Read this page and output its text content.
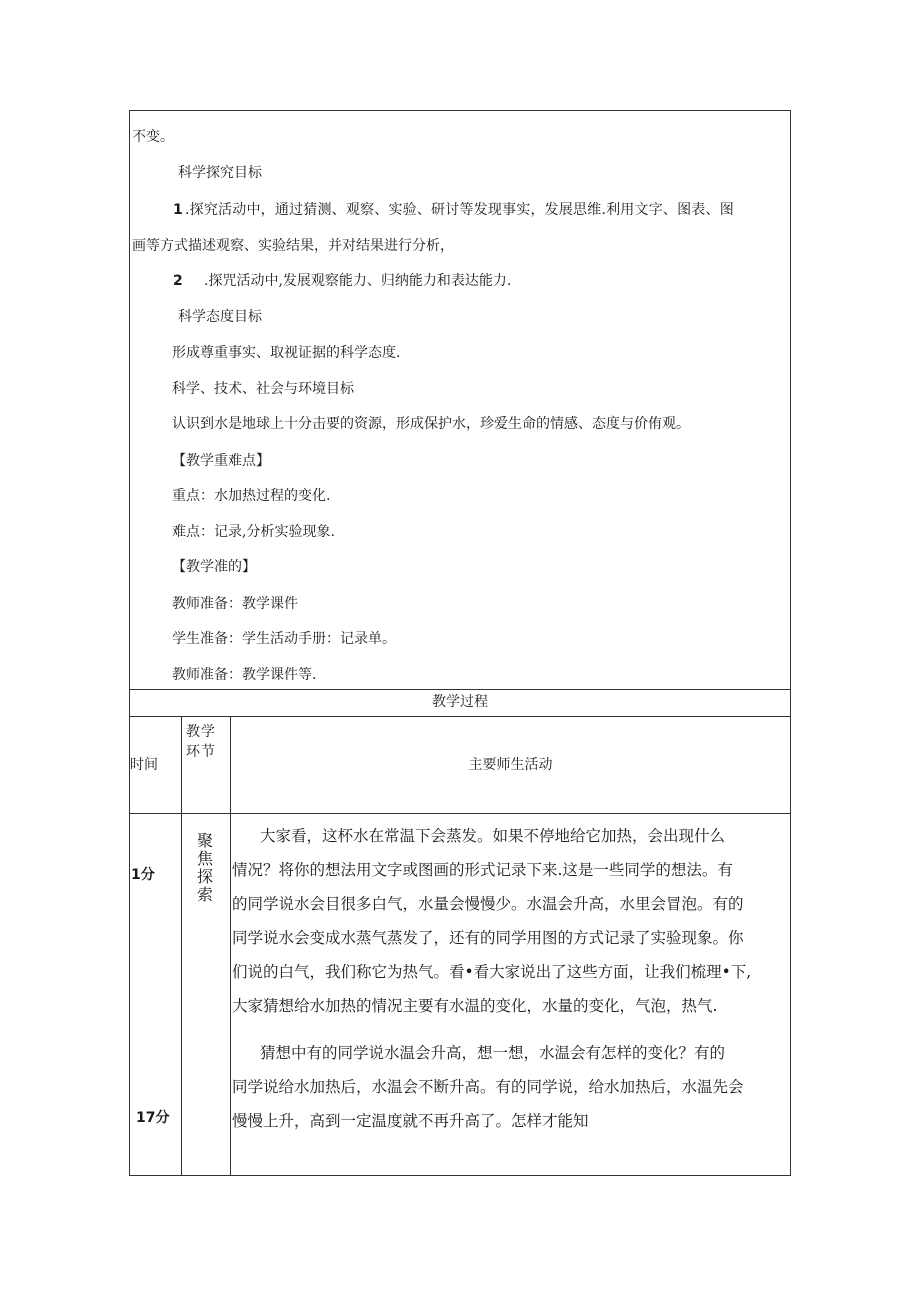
不变。
科学探究目标
1 .探究活动中，通过猜测、观察、实验、研讨等发现事实，发展思维.利用文字、图表、图
画等方式描述观察、实验结果，并对结果进行分析，
2 .探咒活动中,发展观察能力、归纳能力和表达能力.
科学态度目标
形成尊重事实、取视证据的科学态度.
科学、技术、社会与环境目标
认识到水是地球上十分击要的资源，形成保护水，珍爱生命的情感、态度与价侑观。
【教学重难点】
重点：水加热过程的变化.
难点：记录,分析实验现象.
【教学准的】
教师准备：教学课件
学生准备：学生活动手册：记录单。
教师准备：教学课件等.
教学过程
时间
教学
环节
主要师生活动
1分
17分
聚焦探索
大家看，这杯水在常温下会蒸发。如果不停地给它加热，会出现什么
情况？将你的想法用文字或图画的形式记录下来.这是一些同学的想法。有
的同学说水会目很多白气，水量会慢慢少。水温会升高，水里会冒泡。有的
同学说水会变成水蒸气蒸发了，还有的同学用图的方式记录了实验现象。你
们说的白气，我们称它为热气。看•看大家说出了这些方面，让我们梳理•下,
大家猜想给水加热的情况主要有水温的变化，水量的变化，气泡，热气.
猜想中有的同学说水温会升高，想一想，水温会有怎样的变化？有的
同学说给水加热后，水温会不断升高。有的同学说，给水加热后，水温先会
慢慢上升，高到一定温度就不再升高了。怎样才能知
